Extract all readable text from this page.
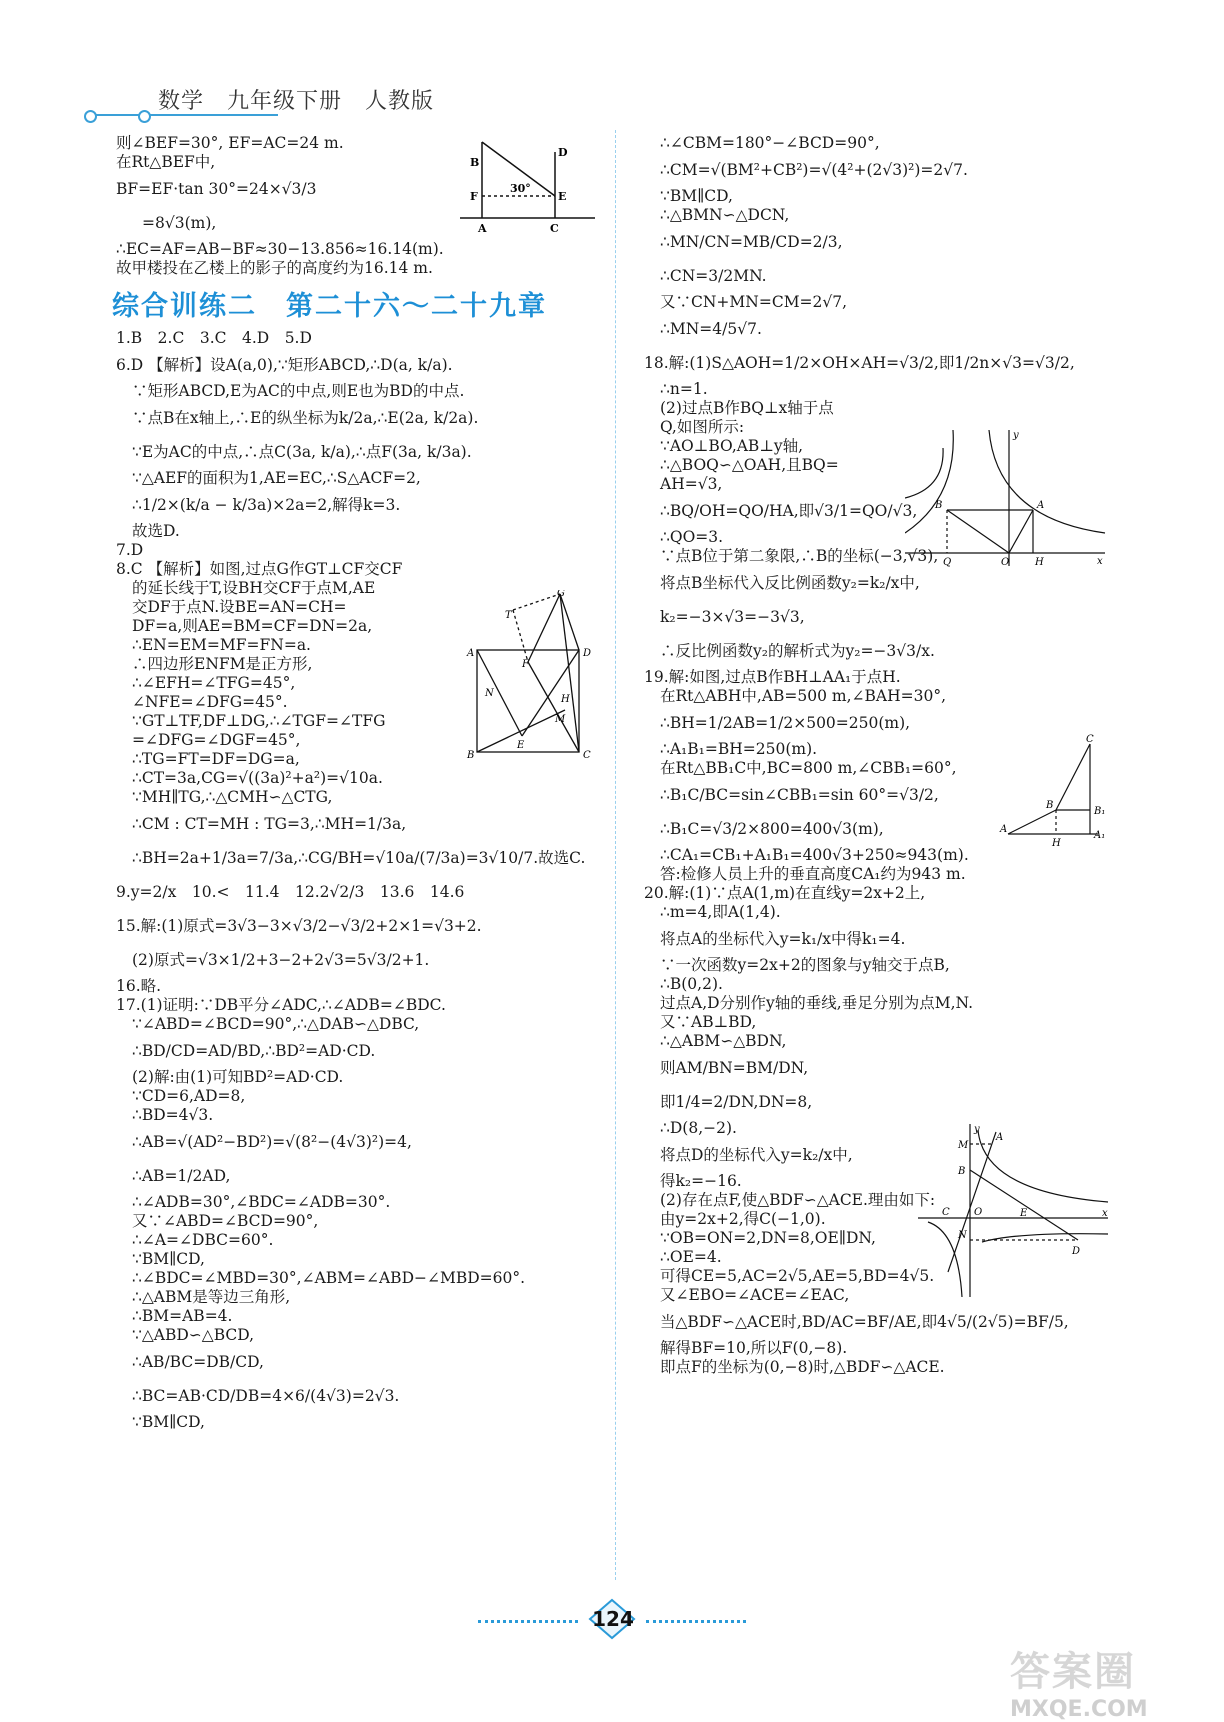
数学　九年级下册　人教版
则∠BEF=30°, EF=AC=24 m.
在Rt△BEF中,
BF=EF·tan 30°=24×√3/3
=8√3(m),
∴EC=AF=AB−BF≈30−13.856≈16.14(m).
故甲楼投在乙楼上的影子的高度约为16.14 m.
综合训练二　第二十六～二十九章
1.B　2.C　3.C　4.D　5.D
6.D 【解析】设A(a,0),∵矩形ABCD,∴D(a, k/a).
∵矩形ABCD,E为AC的中点,则E也为BD的中点.
∵点B在x轴上,∴E的纵坐标为k/2a,∴E(2a, k/2a).
∵E为AC的中点,∴点C(3a, k/a),∴点F(3a, k/3a).
∵△AEF的面积为1,AE=EC,∴S△ACF=2,
∴1/2×(k/a − k/3a)×2a=2,解得k=3.
故选D.
7.D
8.C 【解析】如图,过点G作GT⊥CF交CF
的延长线于T,设BH交CF于点M,AE
交DF于点N.设BE=AN=CH=
DF=a,则AE=BM=CF=DN=2a,
∴EN=EM=MF=FN=a.
∴四边形ENFM是正方形,
∴∠EFH=∠TFG=45°,
∠NFE=∠DFG=45°.
∵GT⊥TF,DF⊥DG,∴∠TGF=∠TFG
=∠DFG=∠DGF=45°,
∴TG=FT=DF=DG=a,
∴CT=3a,CG=√((3a)²+a²)=√10a.
∵MH∥TG,∴△CMH∽△CTG,
∴CM : CT=MH : TG=3,∴MH=1/3a,
∴BH=2a+1/3a=7/3a,∴CG/BH=√10a/(7/3a)=3√10/7.故选C.
9.y=2/x　10.<　11.4　12.2√2/3　13.6　14.6
15.解:(1)原式=3√3−3×√3/2−√3/2+2×1=√3+2.
(2)原式=√3×1/2+3−2+2√3=5√3/2+1.
16.略.
17.(1)证明:∵DB平分∠ADC,∴∠ADB=∠BDC.
∵∠ABD=∠BCD=90°,∴△DAB∽△DBC,
∴BD/CD=AD/BD,∴BD²=AD·CD.
(2)解:由(1)可知BD²=AD·CD.
∵CD=6,AD=8,
∴BD=4√3.
∴AB=√(AD²−BD²)=√(8²−(4√3)²)=4,
∴AB=1/2AD,
∴∠ADB=30°,∠BDC=∠ADB=30°.
又∵∠ABD=∠BCD=90°,
∴∠A=∠DBC=60°.
∵BM∥CD,
∴∠BDC=∠MBD=30°,∠ABM=∠ABD−∠MBD=60°.
∴△ABM是等边三角形,
∴BM=AB=4.
∵△ABD∽△BCD,
∴AB/BC=DB/CD,
∴BC=AB·CD/DB=4×6/(4√3)=2√3.
∵BM∥CD,
∴∠CBM=180°−∠BCD=90°,
∴CM=√(BM²+CB²)=√(4²+(2√3)²)=2√7.
∵BM∥CD,
∴△BMN∽△DCN,
∴MN/CN=MB/CD=2/3,
∴CN=3/2MN.
又∵CN+MN=CM=2√7,
∴MN=4/5√7.
18.解:(1)S△AOH=1/2×OH×AH=√3/2,即1/2n×√3=√3/2,
∴n=1.
(2)过点B作BQ⊥x轴于点
Q,如图所示:
∵AO⊥BO,AB⊥y轴,
∴△BOQ∽△OAH,且BQ=
AH=√3,
∴BQ/OH=QO/HA,即√3/1=QO/√3,
∴QO=3.
∵点B位于第二象限,∴B的坐标(−3,√3),
将点B坐标代入反比例函数y₂=k₂/x中,
k₂=−3×√3=−3√3,
∴反比例函数y₂的解析式为y₂=−3√3/x.
19.解:如图,过点B作BH⊥AA₁于点H.
在Rt△ABH中,AB=500 m,∠BAH=30°,
∴BH=1/2AB=1/2×500=250(m),
∴A₁B₁=BH=250(m).
在Rt△BB₁C中,BC=800 m,∠CBB₁=60°,
∴B₁C/BC=sin∠CBB₁=sin 60°=√3/2,
∴B₁C=√3/2×800=400√3(m),
∴CA₁=CB₁+A₁B₁=400√3+250≈943(m).
答:检修人员上升的垂直高度CA₁约为943 m.
20.解:(1)∵点A(1,m)在直线y=2x+2上,
∴m=4,即A(1,4).
将点A的坐标代入y=k₁/x中得k₁=4.
∵一次函数y=2x+2的图象与y轴交于点B,
∴B(0,2).
过点A,D分别作y轴的垂线,垂足分别为点M,N.
又∵AB⊥BD,
∴△ABM∽△BDN,
则AM/BN=BM/DN,
即1/4=2/DN,DN=8,
∴D(8,−2).
将点D的坐标代入y=k₂/x中,
得k₂=−16.
(2)存在点F,使△BDF∽△ACE.理由如下:
由y=2x+2,得C(−1,0).
∵OB=ON=2,DN=8,OE∥DN,
∴OE=4.
可得CE=5,AC=2√5,AE=5,BD=4√5.
又∠EBO=∠ACE=∠EAC,
当△BDF∽△ACE时,BD/AC=BF/AE,即4√5/(2√5)=BF/5,
解得BF=10,所以F(0,−8).
即点F的坐标为(0,−8)时,△BDF∽△ACE.
B
F
A
D
E
C
30°
G
T
A	D
F
N
H
M
E
B	C
y
x
B	A
Q	O	H
C
B
B₁
A
H
A₁
y
M
A
B
C O	E	x
N
D
124
答案圈
MXQE.COM
